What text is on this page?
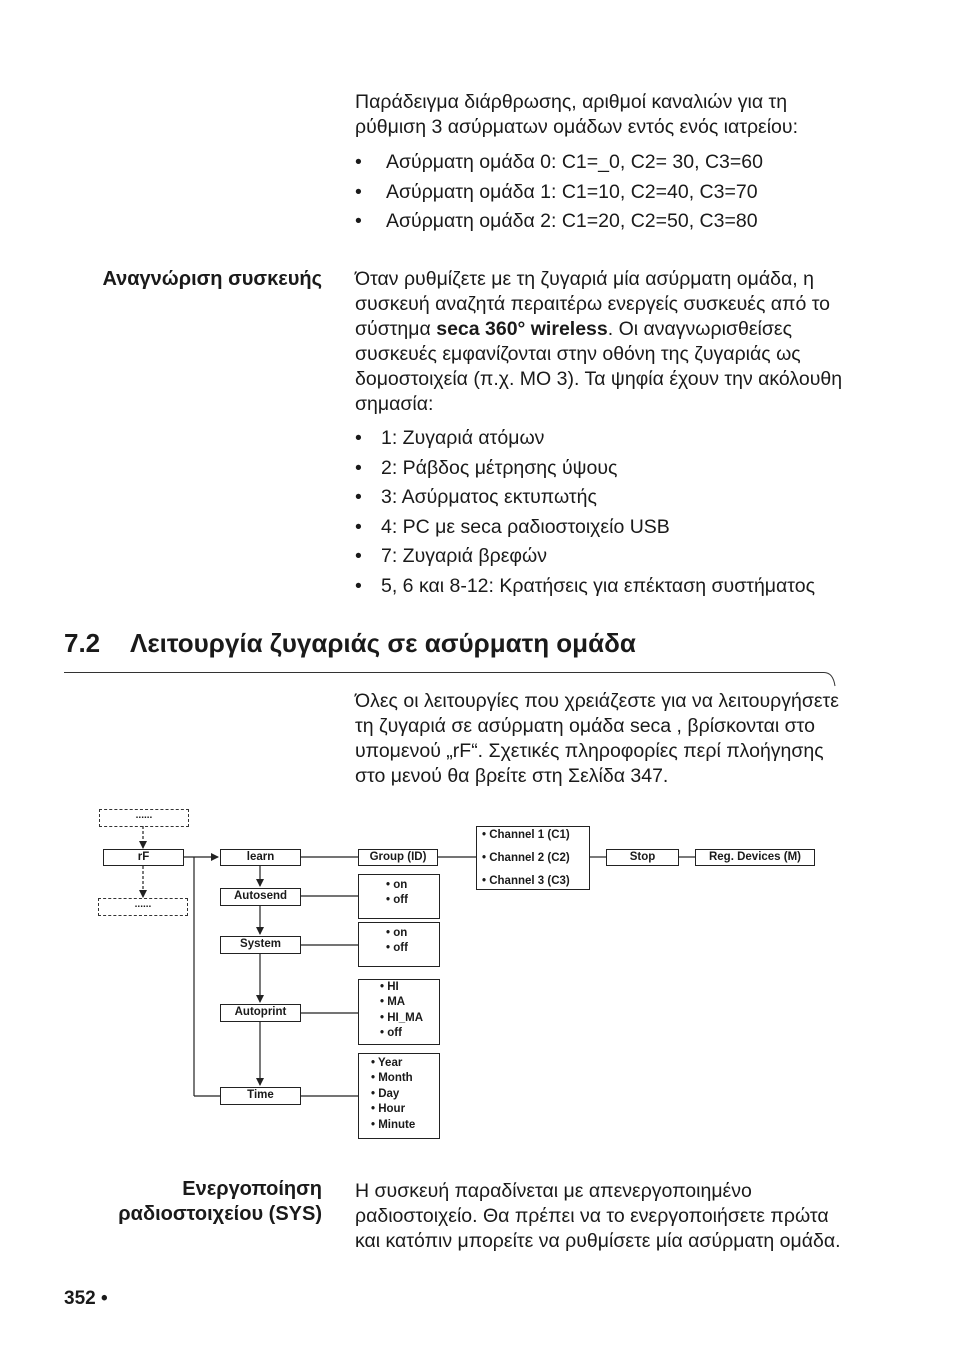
Παράδειγμα διάρθρωσης, αριθμοί καναλιών για τη ρύθμιση 3 ασύρματων ομάδων εντός ενός ιατρείου:
• Ασύρματη ομάδα 0: C1=_0, C2= 30, C3=60
• Ασύρματη ομάδα 1: C1=10, C2=40, C3=70
• Ασύρματη ομάδα 2: C1=20, C2=50, C3=80
Αναγνώριση συσκευής Όταν ρυθμίζετε με τη ζυγαριά μία ασύρματη ομάδα, η συσκευή αναζητά περαιτέρω ενεργείς συσκευές από το σύστημα seca 360° wireless. Οι αναγνωρισθείσες συσκευές εμφανίζονται στην οθόνη της ζυγαριάς ως δομοστοιχεία (π.χ. MO 3). Τα ψηφία έχουν την ακόλουθη σημασία:
• 1: Ζυγαριά ατόμων
• 2: Ράβδος μέτρησης ύψους
• 3: Ασύρματος εκτυπωτής
• 4: PC με seca ραδιοστοιχείο USB
• 7: Ζυγαριά βρεφών
• 5, 6 και 8-12: Κρατήσεις για επέκταση συστήματος
7.2 Λειτουργία ζυγαριάς σε ασύρματη ομάδα
Όλες οι λειτουργίες που χρειάζεστε για να λειτουργήσετε τη ζυγαριά σε ασύρματη ομάδα seca , βρίσκονται στο υπομενού „rF“. Σχετικές πληροφορίες περί πλοήγησης στο μενού θα βρείτε στη Σελίδα 347.
......
rF
......
learn
Autosend
System
Autoprint
Time
Group (ID)
• Channel 1 (C1)
• Channel 2 (C2)
• Channel 3 (C3)
Stop	Reg. Devices (M)
• on
• off
• on
• off
• HI
• MA
• HI_MA
• off
• Year
• Month
• Day
• Hour
• Minute
Ενεργοποίηση
ραδιοστοιχείου (SYS)
Η συσκευή παραδίνεται με απενεργοποιημένο ραδιοστοιχείο. Θα πρέπει να το ενεργοποιήσετε πρώτα και κατόπιν μπορείτε να ρυθμίσετε μία ασύρματη ομάδα.
352 •
